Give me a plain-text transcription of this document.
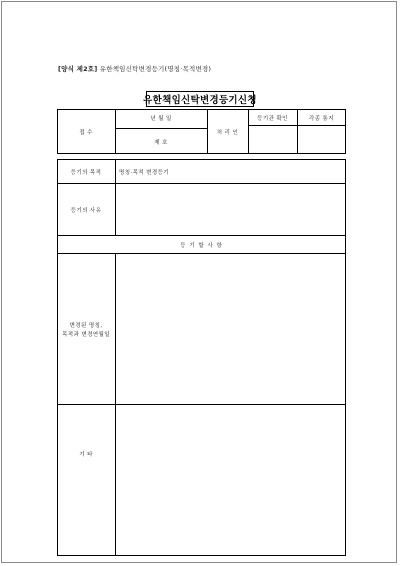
[양식 제2호] 유한책임신탁변경등기(명칭·목적변경)
유한책임신탁변경등기신청
접 수
년 월 일
제 호
처 리 인
등기관 확인	각종 통지
등기의 목적	명칭·목적 변경등기
등기의 사유
등 기 할 사 항
변경된 명칭,
목적과 변경연월일
기 타
